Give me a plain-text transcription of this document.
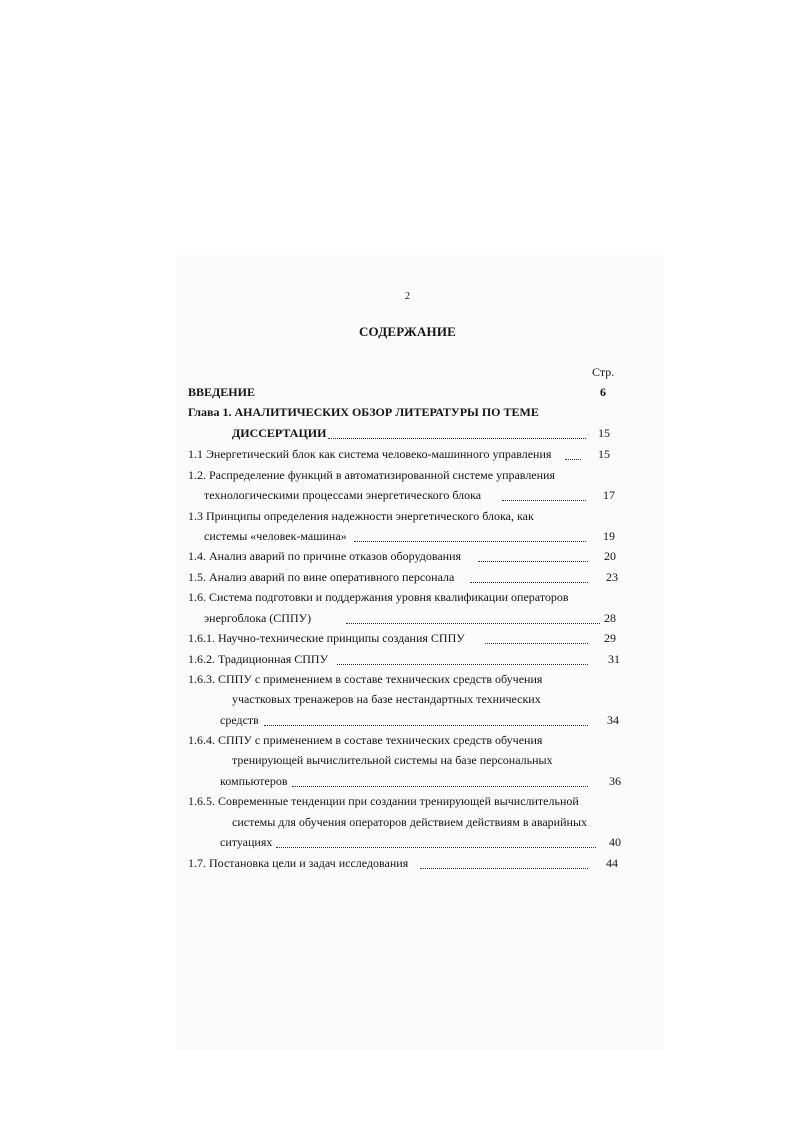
2
СОДЕРЖАНИЕ
Стр.
ВВЕДЕНИЕ	6
Глава 1. АНАЛИТИЧЕСКИХ ОБЗОР ЛИТЕРАТУРЫ ПО ТЕМЕ
ДИССЕРТАЦИИ	15
1.1 Энергетический блок как система человеко-машинного управления	15
1.2. Распределение функций в автоматизированной системе управления
технологическими процессами энергетического блока	17
1.3 Принципы определения надежности энергетического блока, как
системы «человек-машина»	19
1.4. Анализ аварий по причине отказов оборудования	20
1.5. Анализ аварий по вине оперативного персонала	23
1.6. Система подготовки и поддержания уровня квалификации операторов
энергоблока (СППУ)	28
1.6.1. Научно-технические принципы создания СППУ	29
1.6.2. Традиционная СППУ	31
1.6.3. СППУ с применением в составе технических средств обучения
участковых тренажеров на базе нестандартных технических
средств	34
1.6.4. СППУ с применением в составе технических средств обучения
тренирующей вычислительной системы на базе персональных
компьютеров	36
1.6.5. Современные тенденции при создании тренирующей вычислительной
системы для обучения операторов действием действиям в аварийных
ситуациях	40
1.7. Постановка цели и задач исследования	44
